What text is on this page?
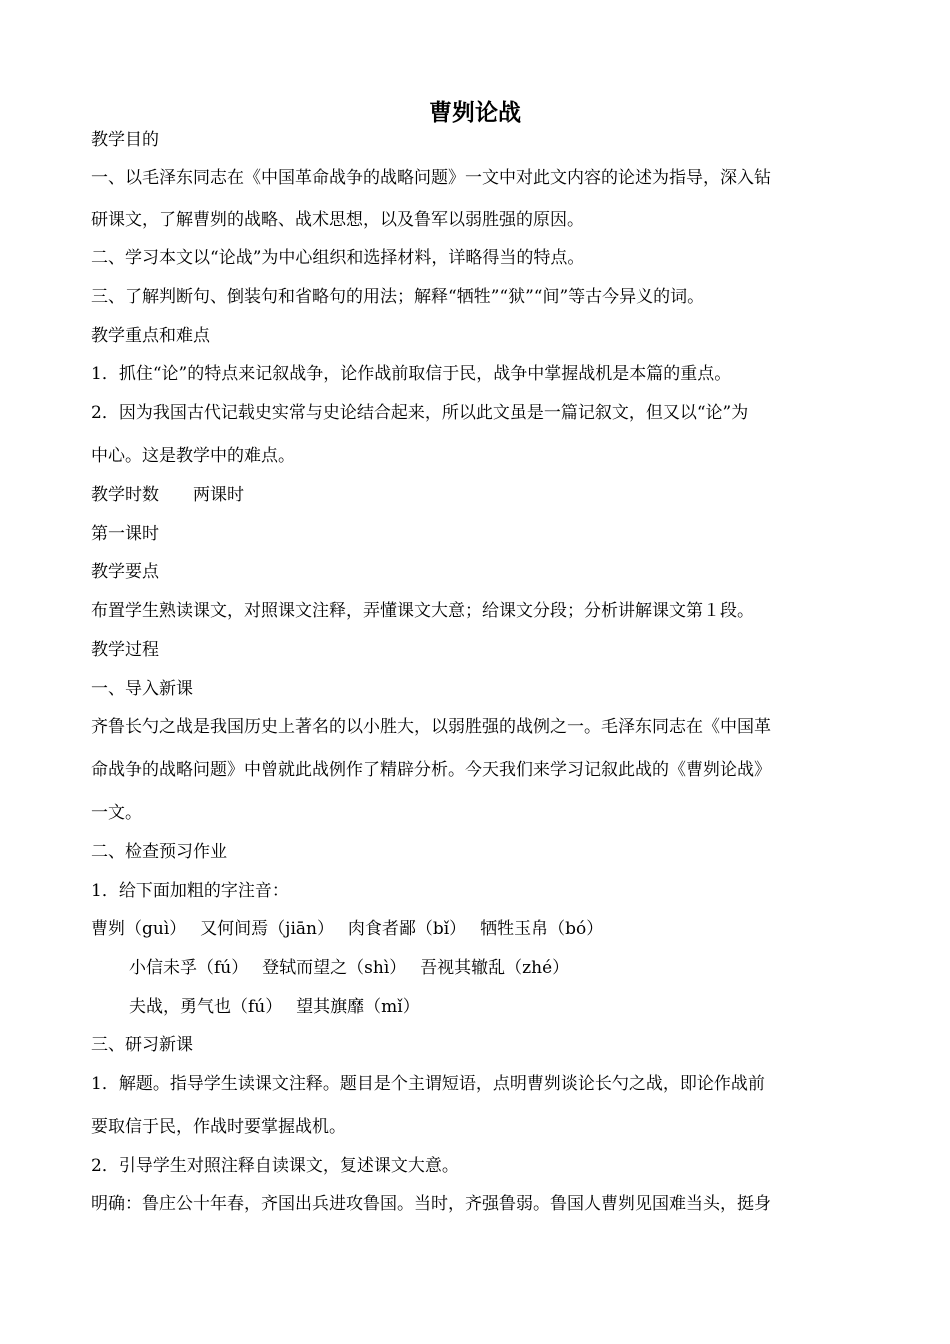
曹刿论战
教学目的
一、以毛泽东同志在《中国革命战争的战略问题》一文中对此文内容的论述为指导，深入钻
研课文，了解曹刿的战略、战术思想，以及鲁军以弱胜强的原因。
二、学习本文以“论战”为中心组织和选择材料，详略得当的特点。
三、了解判断句、倒装句和省略句的用法；解释“牺牲”“狱”“间”等古今异义的词。
教学重点和难点
1．抓住“论”的特点来记叙战争，论作战前取信于民，战争中掌握战机是本篇的重点。
2．因为我国古代记载史实常与史论结合起来，所以此文虽是一篇记叙文，但又以“论”为
中心。这是教学中的难点。
教学时数　　两课时
第一课时
教学要点
布置学生熟读课文，对照课文注释，弄懂课文大意；给课文分段；分析讲解课文第１段。
教学过程
一、导入新课
齐鲁长勺之战是我国历史上著名的以小胜大，以弱胜强的战例之一。毛泽东同志在《中国革
命战争的战略问题》中曾就此战例作了精辟分析。今天我们来学习记叙此战的《曹刿论战》
一文。
二、检查预习作业
1．给下面加粗的字注音：
曹刿（guì）　 又何间焉（jiān）　 肉食者鄙（bǐ）　 牺牲玉帛（bó）
小信未孚（fú）　 登轼而望之（shì）　 吾视其辙乱（zhé）
夫战，勇气也（fú）　 望其旗靡（mǐ）
三、研习新课
1．解题。指导学生读课文注释。题目是个主谓短语，点明曹刿谈论长勺之战，即论作战前
要取信于民，作战时要掌握战机。
2．引导学生对照注释自读课文，复述课文大意。
明确：鲁庄公十年春，齐国出兵进攻鲁国。当时，齐强鲁弱。鲁国人曹刿见国难当头，挺身
